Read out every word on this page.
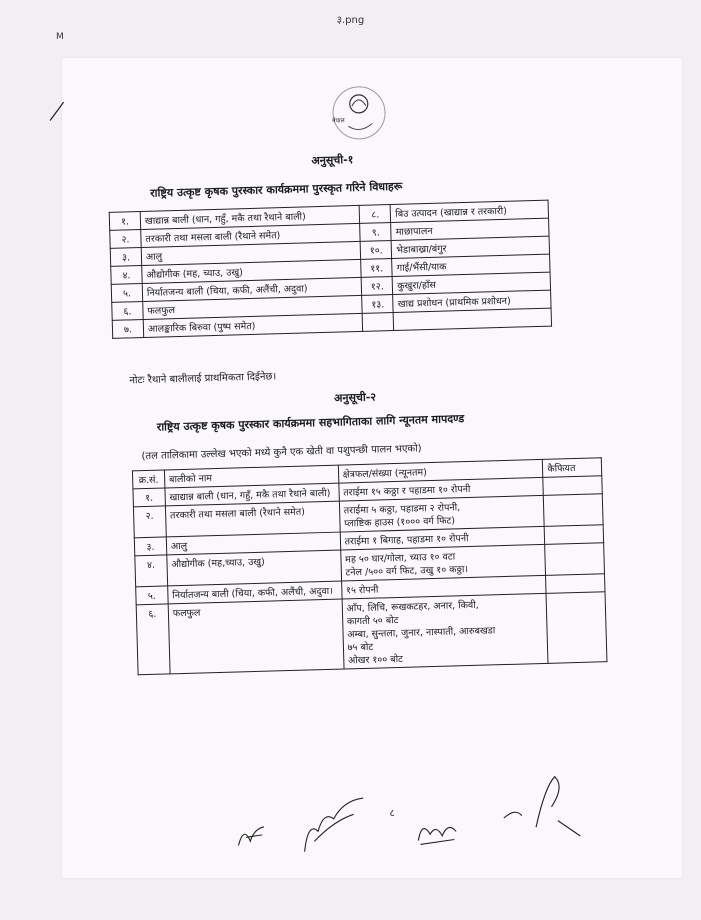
३.png
M
नेपाल
अनुसूची-१
राष्ट्रिय उत्कृष्ट कृषक पुरस्कार कार्यक्रममा पुरस्कृत गरिने विधाहरू
१.	खाद्यान्न बाली (धान, गहुँ, मकै तथा रैथाने बाली)	८.	बिउ उत्पादन (खाद्यान्न र तरकारी)
२.	तरकारी तथा मसला बाली (रैथाने समेत)	९.	माछापालन
३.	आलु	१०.	भेडाबाख्रा/बंगुर
४.	औद्योगीक (मह, च्याउ, उखु)	११.	गाई/भैंसी/याक
५.	निर्यातजन्य बाली (चिया, कफी, अलैंची, अदुवा)	१२.	कुखुरा/हाँस
६.	फलफुल	१३.	खाद्य प्रशोधन (प्राथमिक प्रशोधन)
७.	आलङ्कारिक बिरुवा (पुष्प समेत)		
नोटः रैथाने बालीलाई प्राथमिकता दिईनेछ।
अनुसूची-२
राष्ट्रिय उत्कृष्ट कृषक पुरस्कार कार्यक्रममा सहभागिताका लागि न्यूनतम मापदण्ड
(तल तालिकामा उल्लेख भएको मध्ये कुनै एक खेती वा पशुपन्छी पालन भएको)
क्र.सं.	बालीको नाम	क्षेत्रफल/संख्या (न्यूनतम)	कैफियत
१.	खाद्यान्न बाली (धान, गहुँ, मकै तथा रैथाने बाली)	तराईमा १५ कठ्ठा र पहाडमा १० रोपनी	

२.	तरकारी तथा मसला बाली (रैथाने समेत)	तराईमा ५ कठ्ठा, पहाडमा २ रोपनी,
प्लाष्टिक हाउस (१००० वर्ग फिट)	

३.	आलु	तराईमा १ बिगाह, पहाडमा १० रोपनी	

४.	औद्योगीक (मह,च्याउ, उखु)	मह ५० घार/गोला, च्याउ १० वटा
टनेल /५०० वर्ग फिट, उखु १० कठ्ठा।	

५.	निर्यातजन्य बाली (चिया, कफी, अलैंची, अदुवा।	१५ रोपनी	

६.	फलफुल	आँप, लिचि, रूखकटहर, अनार, किवी,
कागती ५० बोट
अम्बा, सुन्तला, जुनार, नास्पाती, आरुबखडा
७५ बोट
ओखर १०० बोट	

८
